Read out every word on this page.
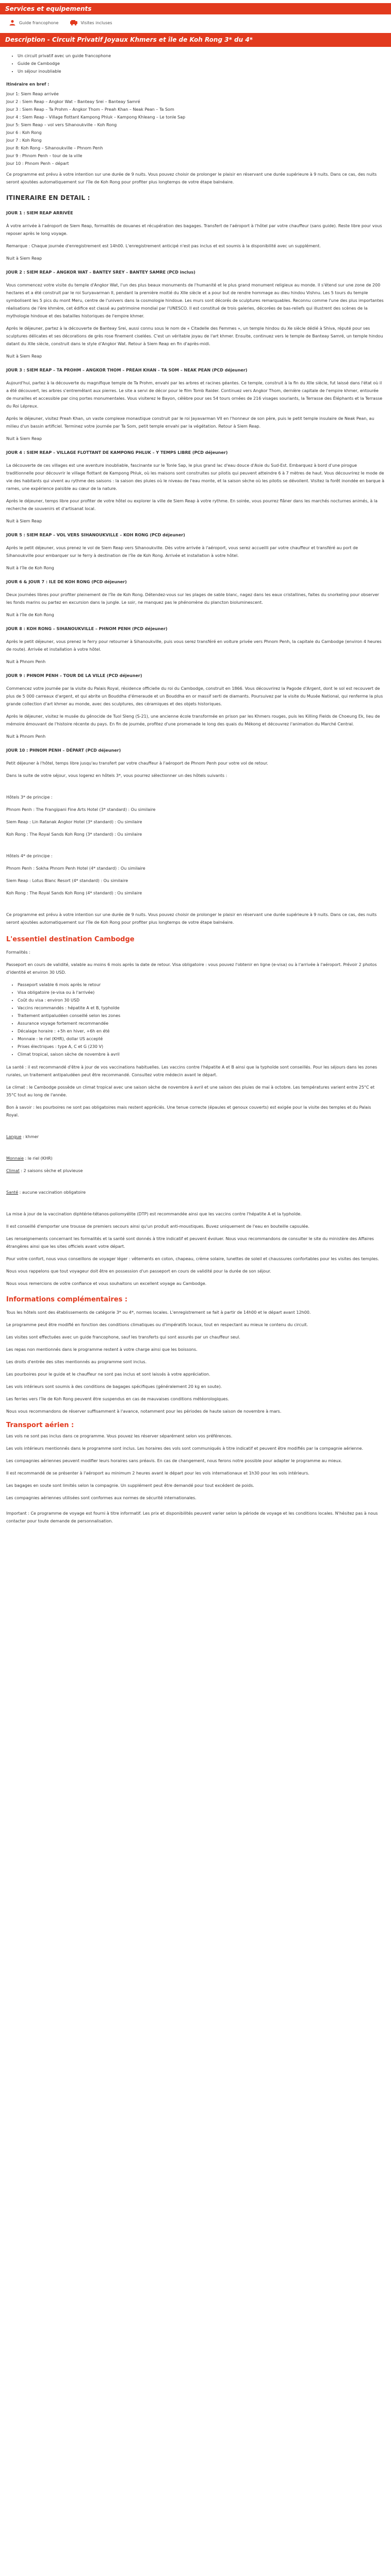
Services et equipements
Guide francophone	Visites incluses
Description - Circuit Privatif Joyaux Khmers et île de Koh Rong 3* du 4*
• Un circuit privatif avec un guide francophone
• Guide de Cambodge
• Un séjour inoubliable
Itinéraire en bref :
Jour 1: Siem Reap arrivée
Jour 2 : Siem Reap – Angkor Wat – Banteay Srei – Banteay Samré
Jour 3 : Siem Reap – Ta Prohm – Angkor Thom – Preah Khan – Neak Pean – Ta Som
Jour 4 : Siem Reap – Village flottant Kampong Phluk – Kampong Khleang – Le tonle Sap
Jour 5: Siem Reap – vol vers Sihanoukville – Koh Rong
Jour 6 : Koh Rong
Jour 7 : Koh Rong
Jour 8: Koh Rong – Sihanoukville – Phnom Penh
Jour 9 : Phnom Penh – tour de la ville
Jour 10 : Phnom Penh – départ

Ce programme est prévu à votre intention sur une durée de 9 nuits. Vous pouvez choisir de prolonger le plaisir en réservant une durée supérieure à 9 nuits. Dans ce cas, des nuits seront ajoutées automatiquement sur l'île de Koh Rong pour profiter plus longtemps de votre étape balnéaire.

ITINERAIRE EN DETAIL :
JOUR 1 : SIEM REAP ARRIVÉE

À votre arrivée à l'aéroport de Siem Reap, formalités de douanes et récupération des bagages. Transfert de l'aéroport à l'hôtel par votre chauffeur (sans guide). Reste libre pour vous reposer après le long voyage.

Remarque : Chaque journée d'enregistrement est 14h00. L'enregistrement anticipé n'est pas inclus et est soumis à la disponibilité avec un supplément.

Nuit à Siem Reap

JOUR 2 : SIEM REAP – ANGKOR WAT – BANTEY SREY – BANTEY SAMRE (PCD inclus)

Vous commencez votre visite du temple d'Angkor Wat, l'un des plus beaux monuments de l'humanité et le plus grand monument religieux au monde. Il s'étend sur une zone de 200 hectares et a été construit par le roi Suryavarman II, pendant la première moitié du XIIe siècle et a pour but de rendre hommage au dieu hindou Vishnu. Les 5 tours du temple symbolisent les 5 pics du mont Meru, centre de l'univers dans la cosmologie hindoue. Les murs sont décorés de sculptures remarquables. Reconnu comme l'une des plus importantes réalisations de l'ère khmère, cet édifice est classé au patrimoine mondial par l'UNESCO. Il est constitué de trois galeries, décorées de bas-reliefs qui illustrent des scènes de la mythologie hindoue et des batailles historiques de l'empire khmer.

Après le déjeuner, partez à la découverte de Banteay Srei, aussi connu sous le nom de « Citadelle des Femmes », un temple hindou du Xe siècle dédié à Shiva, réputé pour ses sculptures délicates et ses décorations de grès rose finement ciselées. C'est un véritable joyau de l'art khmer. Ensuite, continuez vers le temple de Banteay Samré, un temple hindou datant du XIIe siècle, construit dans le style d'Angkor Wat. Retour à Siem Reap en fin d'après-midi.

Nuit à Siem Reap

JOUR 3 : SIEM REAP – TA PROHM – ANGKOR THOM – PREAH KHAN – TA SOM – NEAK PEAN (PCD déjeuner)

Aujourd'hui, partez à la découverte du magnifique temple de Ta Prohm, envahi par les arbres et racines géantes. Ce temple, construit à la fin du XIIe siècle, fut laissé dans l'état où il a été découvert, les arbres s'entremêlant aux pierres. Le site a servi de décor pour le film Tomb Raider. Continuez vers Angkor Thom, dernière capitale de l'empire khmer, entourée de murailles et accessible par cinq portes monumentales. Vous visiterez le Bayon, célèbre pour ses 54 tours ornées de 216 visages souriants, la Terrasse des Éléphants et la Terrasse du Roi Lépreux.

Après le déjeuner, visitez Preah Khan, un vaste complexe monastique construit par le roi Jayavarman VII en l'honneur de son père, puis le petit temple insulaire de Neak Pean, au milieu d'un bassin artificiel. Terminez votre journée par Ta Som, petit temple envahi par la végétation. Retour à Siem Reap.

Nuit à Siem Reap

JOUR 4 : SIEM REAP – VILLAGE FLOTTANT DE KAMPONG PHLUK – Y TEMPS LIBRE (PCD déjeuner)

La découverte de ces villages est une aventure inoubliable, fascinante sur le Tonle Sap, le plus grand lac d'eau douce d'Asie du Sud-Est. Embarquez à bord d'une pirogue traditionnelle pour découvrir le village flottant de Kampong Phluk, où les maisons sont construites sur pilotis qui peuvent atteindre 6 à 7 mètres de haut. Vous découvrirez le mode de vie des habitants qui vivent au rythme des saisons : la saison des pluies où le niveau de l'eau monte, et la saison sèche où les pilotis se dévoilent. Visitez la forêt inondée en barque à rames, une expérience paisible au cœur de la nature.

Après le déjeuner, temps libre pour profiter de votre hôtel ou explorer la ville de Siem Reap à votre rythme. En soirée, vous pourrez flâner dans les marchés nocturnes animés, à la recherche de souvenirs et d'artisanat local.

Nuit à Siem Reap

JOUR 5 : SIEM REAP – VOL VERS SIHANOUKVILLE – KOH RONG (PCD déjeuner)

Après le petit déjeuner, vous prenez le vol de Siem Reap vers Sihanoukville. Dès votre arrivée à l'aéroport, vous serez accueilli par votre chauffeur et transféré au port de Sihanoukville pour embarquer sur le ferry à destination de l'île de Koh Rong. Arrivée et installation à votre hôtel.

Nuit à l'île de Koh Rong

JOUR 6 & JOUR 7 : ILE DE KOH RONG (PCD déjeuner)

Deux journées libres pour profiter pleinement de l'île de Koh Rong. Détendez-vous sur les plages de sable blanc, nagez dans les eaux cristallines, faites du snorkeling pour observer les fonds marins ou partez en excursion dans la jungle. Le soir, ne manquez pas le phénomène du plancton bioluminescent.

Nuit à l'île de Koh Rong

JOUR 8 : KOH RONG – SIHANOUKVILLE – PHNOM PENH (PCD déjeuner)

Après le petit déjeuner, vous prenez le ferry pour retourner à Sihanoukville, puis vous serez transféré en voiture privée vers Phnom Penh, la capitale du Cambodge (environ 4 heures de route). Arrivée et installation à votre hôtel.

Nuit à Phnom Penh

JOUR 9 : PHNOM PENH – TOUR DE LA VILLE (PCD déjeuner)

Commencez votre journée par la visite du Palais Royal, résidence officielle du roi du Cambodge, construit en 1866. Vous découvrirez la Pagode d'Argent, dont le sol est recouvert de plus de 5 000 carreaux d'argent, et qui abrite un Bouddha d'émeraude et un Bouddha en or massif serti de diamants. Poursuivez par la visite du Musée National, qui renferme la plus grande collection d'art khmer au monde, avec des sculptures, des céramiques et des objets historiques.

Après le déjeuner, visitez le musée du génocide de Tuol Sleng (S-21), une ancienne école transformée en prison par les Khmers rouges, puis les Killing Fields de Choeung Ek, lieu de mémoire émouvant de l'histoire récente du pays. En fin de journée, profitez d'une promenade le long des quais du Mékong et découvrez l'animation du Marché Central.

Nuit à Phnom Penh

JOUR 10 : PHNOM PENH – DÉPART (PCD déjeuner)

Petit déjeuner à l'hôtel, temps libre jusqu'au transfert par votre chauffeur à l'aéroport de Phnom Penh pour votre vol de retour.

Dans la suite de votre séjour, vous logerez en hôtels 3*, vous pourrez sélectionner un des hôtels suivants :

Hôtels 3* de principe :

Phnom Penh : The Frangipani Fine Arts Hotel (3* standard) : Ou similaire

Siem Reap : Lin Ratanak Angkor Hotel (3* standard) : Ou similaire

Koh Rong : The Royal Sands Koh Rong (3* standard) : Ou similaire

Hôtels 4* de principe :

Phnom Penh : Sokha Phnom Penh Hotel (4* standard) : Ou similaire

Siem Reap : Lotus Blanc Resort (4* standard) : Ou similaire

Koh Rong : The Royal Sands Koh Rong (4* standard) : Ou similaire

Ce programme est prévu à votre intention sur une durée de 9 nuits. Vous pouvez choisir de prolonger le plaisir en réservant une durée supérieure à 9 nuits. Dans ce cas, des nuits seront ajoutées automatiquement sur l'île de Koh Rong pour profiter plus longtemps de votre étape balnéaire.

L'essentiel destination Cambodge

Formalités :

Passeport en cours de validité, valable au moins 6 mois après la date de retour. Visa obligatoire : vous pouvez l'obtenir en ligne (e-visa) ou à l'arrivée à l'aéroport. Prévoir 2 photos d'identité et environ 30 USD.

• Passeport valable 6 mois après le retour
• Visa obligatoire (e-visa ou à l'arrivée)
• Coût du visa : environ 30 USD
• Vaccins recommandés : hépatite A et B, typhoïde
• Traitement antipaludéen conseillé selon les zones
• Assurance voyage fortement recommandée
• Décalage horaire : +5h en hiver, +6h en été
• Monnaie : le riel (KHR), dollar US accepté
• Prises électriques : type A, C et G (230 V)
• Climat tropical, saison sèche de novembre à avril

La santé : il est recommandé d'être à jour de vos vaccinations habituelles. Les vaccins contre l'hépatite A et B ainsi que la typhoïde sont conseillés. Pour les séjours dans les zones rurales, un traitement antipaludéen peut être recommandé. Consultez votre médecin avant le départ.

Le climat : le Cambodge possède un climat tropical avec une saison sèche de novembre à avril et une saison des pluies de mai à octobre. Les températures varient entre 25°C et 35°C tout au long de l'année.

Bon à savoir : les pourboires ne sont pas obligatoires mais restent appréciés. Une tenue correcte (épaules et genoux couverts) est exigée pour la visite des temples et du Palais Royal.

Langue : khmer

Monnaie : le riel (KHR)

Climat : 2 saisons sèche et pluvieuse

Santé : aucune vaccination obligatoire

La mise à jour de la vaccination diphtérie-tétanos-poliomyélite (DTP) est recommandée ainsi que les vaccins contre l'hépatite A et la typhoïde.

Il est conseillé d'emporter une trousse de premiers secours ainsi qu'un produit anti-moustiques. Buvez uniquement de l'eau en bouteille capsulée.

Les renseignements concernant les formalités et la santé sont donnés à titre indicatif et peuvent évoluer. Nous vous recommandons de consulter le site du ministère des Affaires étrangères ainsi que les sites officiels avant votre départ.

Pour votre confort, nous vous conseillons de voyager léger : vêtements en coton, chapeau, crème solaire, lunettes de soleil et chaussures confortables pour les visites des temples.

Nous vous rappelons que tout voyageur doit être en possession d'un passeport en cours de validité pour la durée de son séjour.

Nous vous remercions de votre confiance et vous souhaitons un excellent voyage au Cambodge.

Informations complémentaires :

Tous les hôtels sont des établissements de catégorie 3* ou 4*, normes locales. L'enregistrement se fait à partir de 14h00 et le départ avant 12h00.

Le programme peut être modifié en fonction des conditions climatiques ou d'impératifs locaux, tout en respectant au mieux le contenu du circuit.

Les visites sont effectuées avec un guide francophone, sauf les transferts qui sont assurés par un chauffeur seul.

Les repas non mentionnés dans le programme restent à votre charge ainsi que les boissons.

Les droits d'entrée des sites mentionnés au programme sont inclus.

Les pourboires pour le guide et le chauffeur ne sont pas inclus et sont laissés à votre appréciation.

Les vols intérieurs sont soumis à des conditions de bagages spécifiques (généralement 20 kg en soute).

Les ferries vers l'île de Koh Rong peuvent être suspendus en cas de mauvaises conditions météorologiques.

Nous vous recommandons de réserver suffisamment à l'avance, notamment pour les périodes de haute saison de novembre à mars.

Transport aérien :

Les vols ne sont pas inclus dans ce programme. Vous pouvez les réserver séparément selon vos préférences.

Les vols intérieurs mentionnés dans le programme sont inclus. Les horaires des vols sont communiqués à titre indicatif et peuvent être modifiés par la compagnie aérienne.

Les compagnies aériennes peuvent modifier leurs horaires sans préavis. En cas de changement, nous ferons notre possible pour adapter le programme au mieux.

Il est recommandé de se présenter à l'aéroport au minimum 2 heures avant le départ pour les vols internationaux et 1h30 pour les vols intérieurs.

Les bagages en soute sont limités selon la compagnie. Un supplément peut être demandé pour tout excédent de poids.

Les compagnies aériennes utilisées sont conformes aux normes de sécurité internationales.

Important : Ce programme de voyage est fourni à titre informatif. Les prix et disponibilités peuvent varier selon la période de voyage et les conditions locales. N'hésitez pas à nous contacter pour toute demande de personnalisation.
